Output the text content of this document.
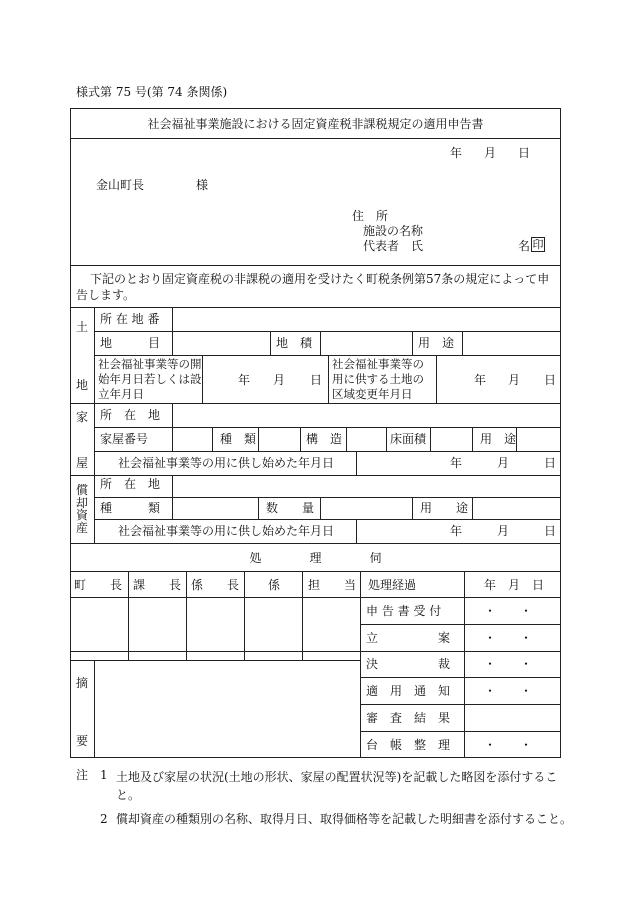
様式第 75 号(第 74 条関係)
社会福祉事業施設における固定資産税非課税規定の適用申告書
年 月 日
金山町長	様
住　所
施設の名称
代表者　氏	名 印
下記のとおり固定資産税の非課税の適用を受けたく町税条例第57条の規定によって申告します。
土
地
所 在 地 番
地　　　目	地　積	用　途
社会福祉事業等の開始年月日若しくは設立年月日
年 月 日
社会福祉事業等の用に供する土地の区域変更年月日
年 月 日
家
屋
所　在　地
家屋番号	種　類	構　造	床面積	用　途
社会福祉事業等の用に供し始めた年月日	年	月	日
償却資産
所　在　地
種　　　類	数　　量	用　　途
社会福祉事業等の用に供し始めた年月日	年	月	日
処　　　　理　　　　伺
町　　長 課　　長 係　　長 係 担　　当 処理経過	年　月　日
申 告 書 受 付	・　　・
立　　　　　案	・　　・
決　　　　　裁	・　　・
適　用　通　知	・　　・
審　査　結　果
台　帳　整　理	・　　・
摘
要
注 1 土地及び家屋の状況(土地の形状、家屋の配置状況等)を記載した略図を添付すること。
2 償却資産の種類別の名称、取得月日、取得価格等を記載した明細書を添付すること。
